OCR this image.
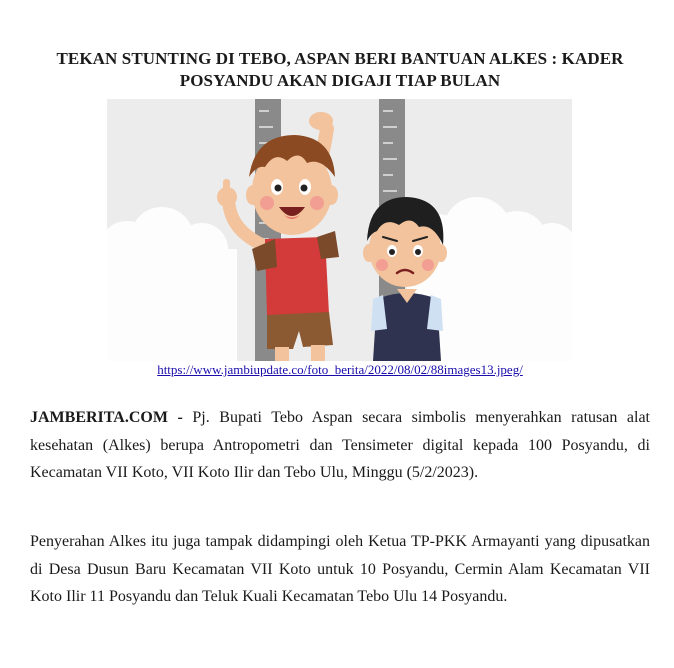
TEKAN STUNTING DI TEBO, ASPAN BERI BANTUAN ALKES : KADER POSYANDU AKAN DIGAJI TIAP BULAN
https://www.jambiupdate.co/foto_berita/2022/08/02/88images13.jpeg/
JAMBERITA.COM - Pj. Bupati Tebo Aspan secara simbolis menyerahkan ratusan alat kesehatan (Alkes) berupa Antropometri dan Tensimeter digital kepada 100 Posyandu, di Kecamatan VII Koto, VII Koto Ilir dan Tebo Ulu, Minggu (5/2/2023).
Penyerahan Alkes itu juga tampak didampingi oleh Ketua TP-PKK Armayanti yang dipusatkan di Desa Dusun Baru Kecamatan VII Koto untuk 10 Posyandu, Cermin Alam Kecamatan VII Koto Ilir 11 Posyandu dan Teluk Kuali Kecamatan Tebo Ulu 14 Posyandu.
